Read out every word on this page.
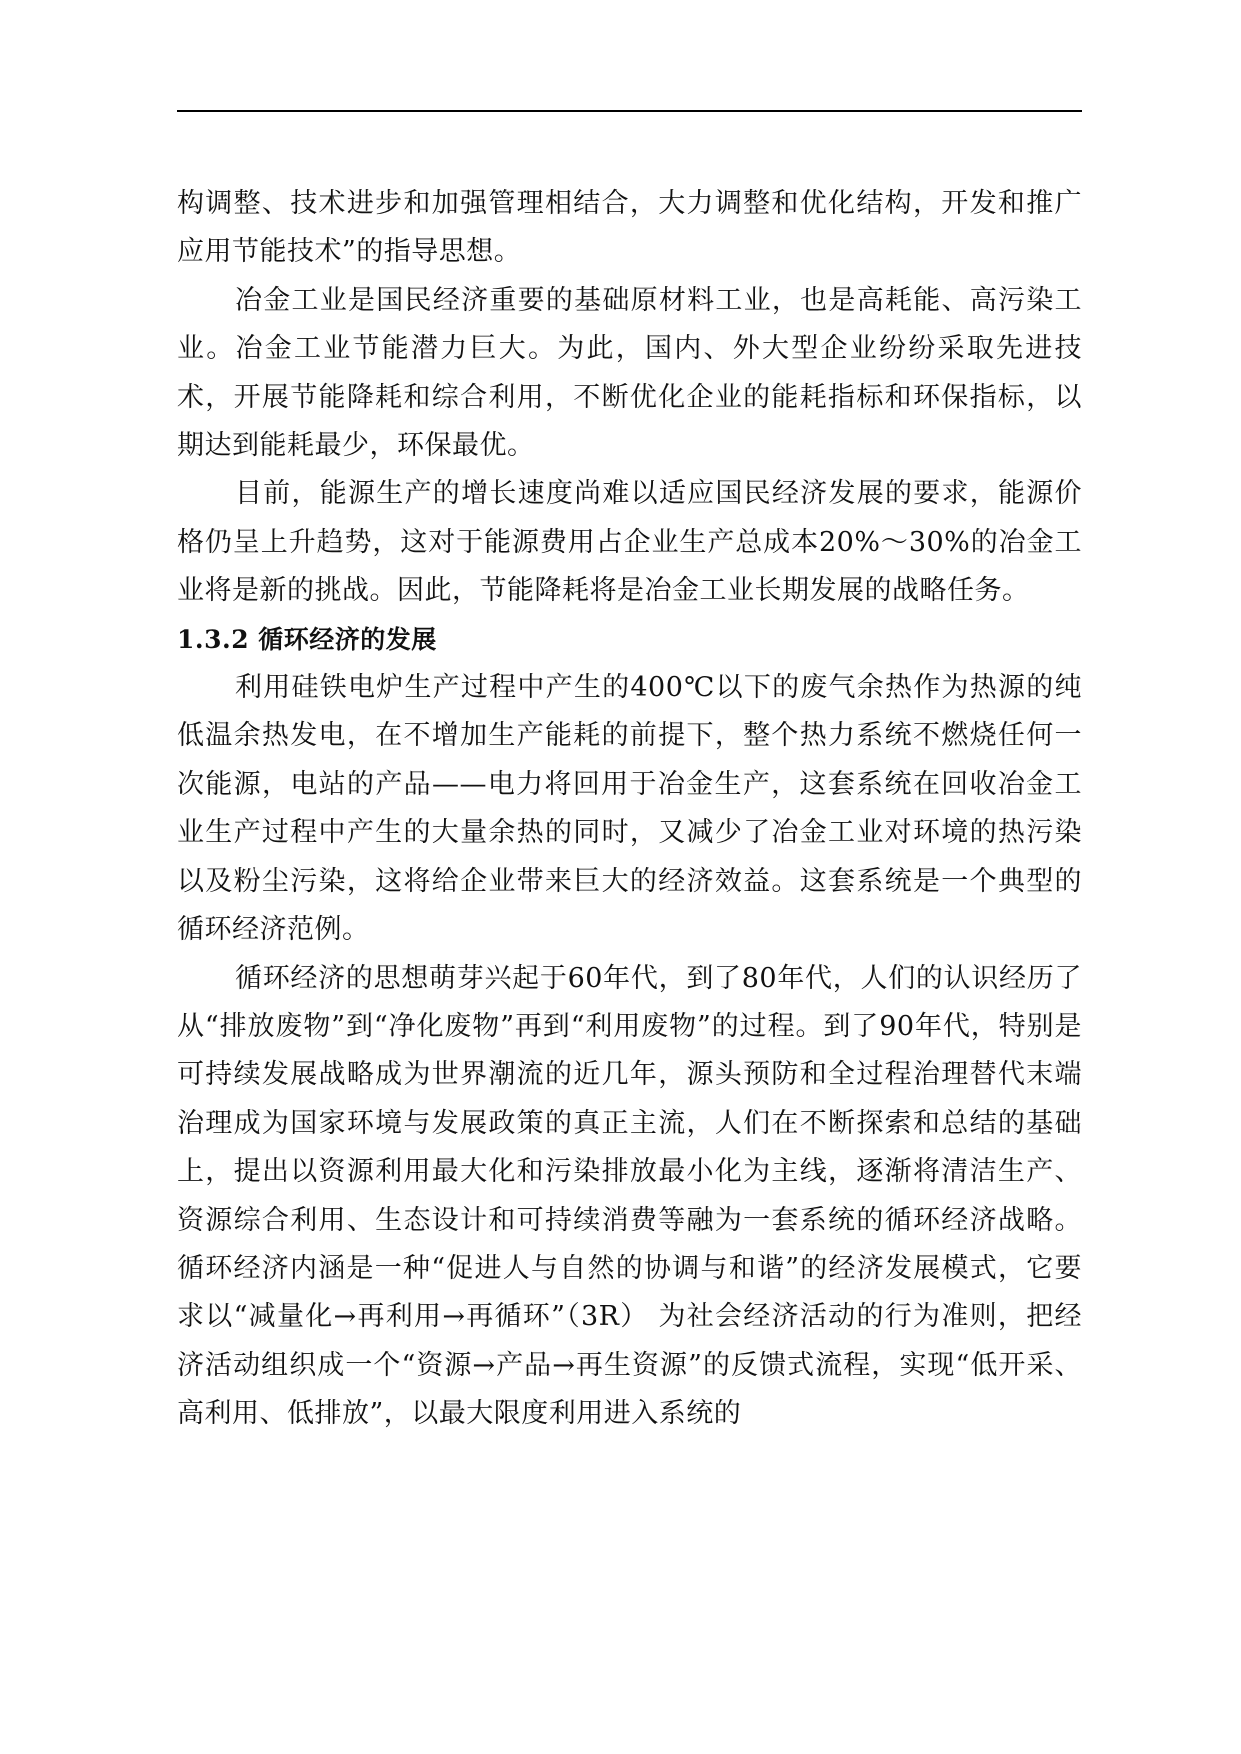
构调整、技术进步和加强管理相结合，大力调整和优化结构，开发和推广应用节能技术”的指导思想。

冶金工业是国民经济重要的基础原材料工业，也是高耗能、高污染工业。冶金工业节能潜力巨大。为此，国内、外大型企业纷纷采取先进技术，开展节能降耗和综合利用，不断优化企业的能耗指标和环保指标，以期达到能耗最少，环保最优。

目前，能源生产的增长速度尚难以适应国民经济发展的要求，能源价格仍呈上升趋势，这对于能源费用占企业生产总成本20%～30%的冶金工业将是新的挑战。因此，节能降耗将是冶金工业长期发展的战略任务。

1.3.2 循环经济的发展

利用硅铁电炉生产过程中产生的400℃以下的废气余热作为热源的纯低温余热发电，在不增加生产能耗的前提下，整个热力系统不燃烧任何一次能源，电站的产品——电力将回用于冶金生产，这套系统在回收冶金工业生产过程中产生的大量余热的同时，又减少了冶金工业对环境的热污染以及粉尘污染，这将给企业带来巨大的经济效益。这套系统是一个典型的循环经济范例。

循环经济的思想萌芽兴起于60年代，到了80年代，人们的认识经历了从“排放废物”到“净化废物”再到“利用废物”的过程。到了90年代，特别是可持续发展战略成为世界潮流的近几年，源头预防和全过程治理替代末端治理成为国家环境与发展政策的真正主流，人们在不断探索和总结的基础上，提出以资源利用最大化和污染排放最小化为主线，逐渐将清洁生产、资源综合利用、生态设计和可持续消费等融为一套系统的循环经济战略。循环经济内涵是一种“促进人与自然的协调与和谐”的经济发展模式，它要求以“减量化→再利用→再循环”（3R） 为社会经济活动的行为准则，把经济活动组织成一个“资源→产品→再生资源”的反馈式流程，实现“低开采、高利用、低排放”，以最大限度利用进入系统的
